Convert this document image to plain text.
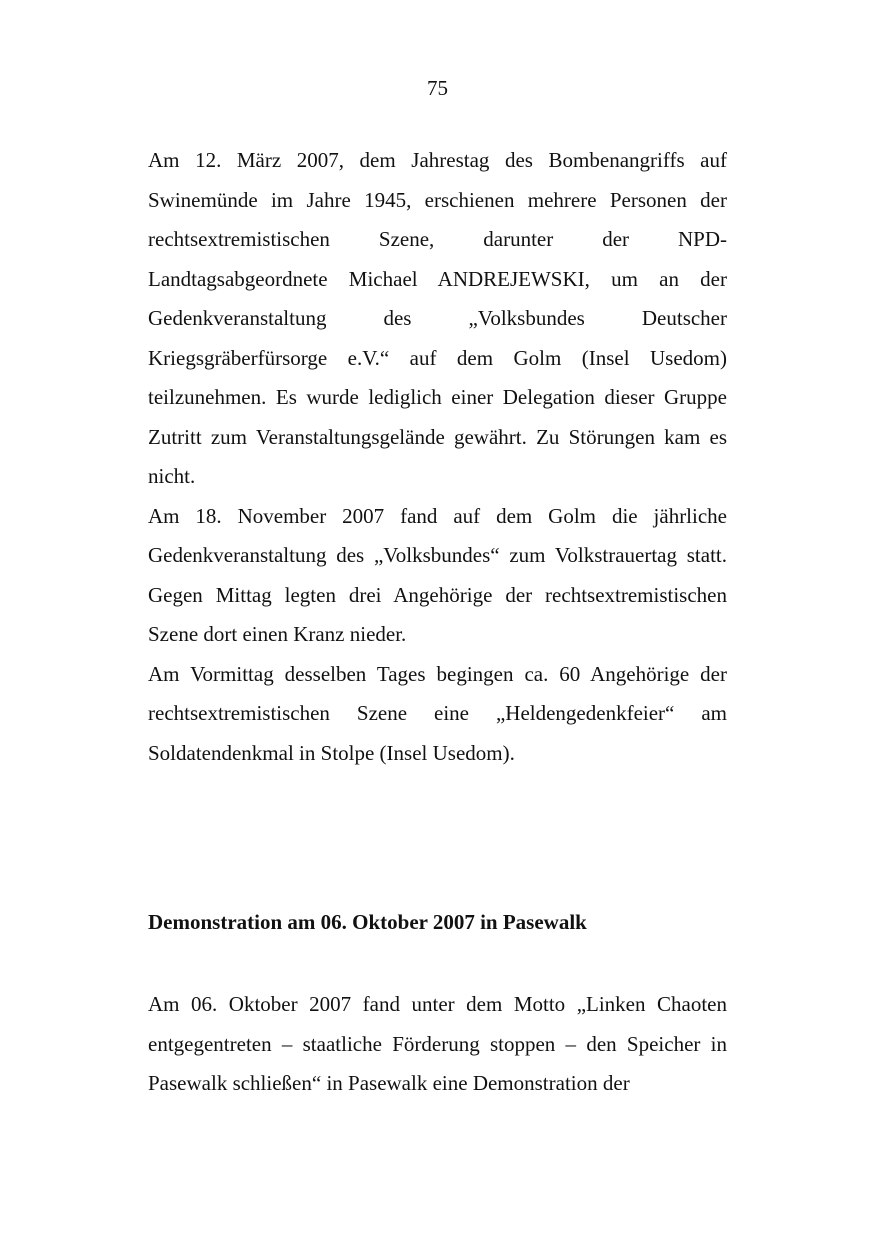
75

Am 12. März 2007, dem Jahrestag des Bombenangriffs auf Swinemünde im Jahre 1945, erschienen mehrere Personen der rechtsextremistischen Szene, darunter der NPD-Landtagsabgeordnete Michael ANDREJEWSKI, um an der Gedenkveranstaltung des „Volksbundes Deutscher Kriegsgräberfürsorge e.V.“ auf dem Golm (Insel Usedom) teilzunehmen. Es wurde lediglich einer Delegation dieser Gruppe Zutritt zum Veranstaltungsgelände gewährt. Zu Störungen kam es nicht.

Am 18. November 2007 fand auf dem Golm die jährliche Gedenkveranstaltung des „Volksbundes“ zum Volkstrauertag statt. Gegen Mittag legten drei Angehörige der rechtsextremistischen Szene dort einen Kranz nieder.

Am Vormittag desselben Tages begingen ca. 60 Angehörige der rechtsextremistischen Szene eine „Heldengedenkfeier“ am Soldatendenkmal in Stolpe (Insel Usedom).

Demonstration am 06. Oktober 2007 in Pasewalk

Am 06. Oktober 2007 fand unter dem Motto „Linken Chaoten entgegentreten – staatliche Förderung stoppen – den Speicher in Pasewalk schließen“ in Pasewalk eine Demonstration der
